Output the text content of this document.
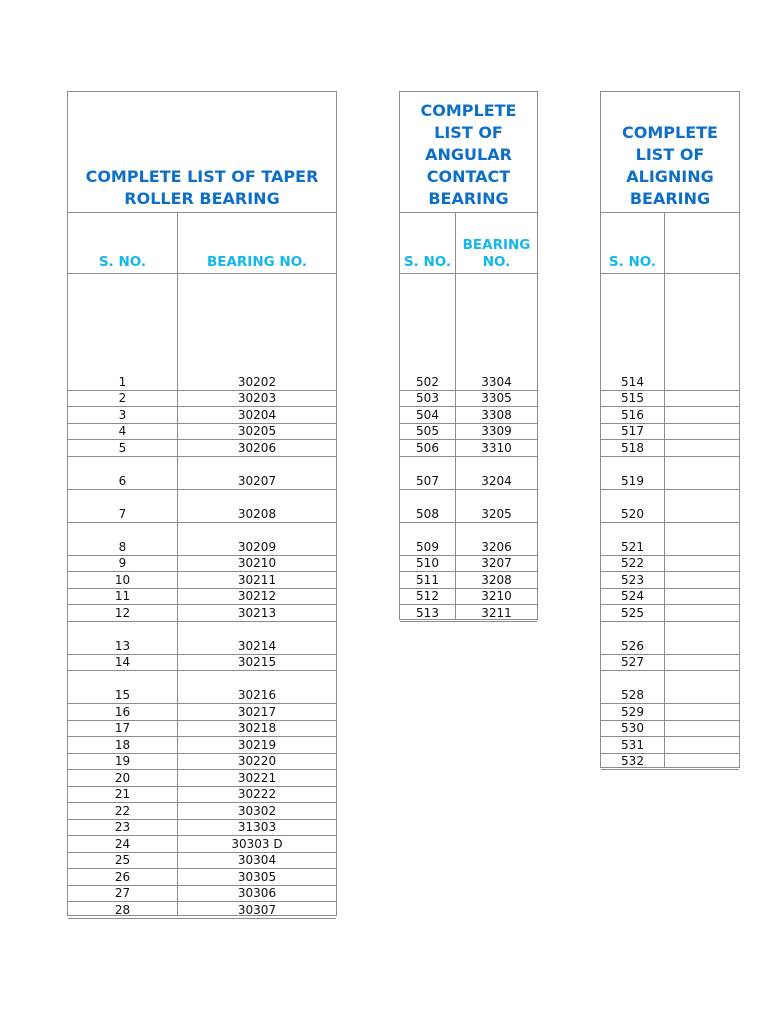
COMPLETE LIST OF TAPER
ROLLER BEARING
S. NO.	BEARING NO.
1	30202
2	30203
3	30204
4	30205
5	30206
6	30207
7	30208
8	30209
9	30210
10	30211
11	30212
12	30213
13	30214
14	30215
15	30216
16	30217
17	30218
18	30219
19	30220
20	30221
21	30222
22	30302
23	31303
24	30303 D
25	30304
26	30305
27	30306
28	30307
COMPLETE
LIST OF
ANGULAR
CONTACT
BEARING
S. NO.
BEARING
NO.
502	3304
503	3305
504	3308
505	3309
506	3310
507	3204
508	3205
509	3206
510	3207
511	3208
512	3210
513	3211
COMPLETE
LIST OF
ALIGNING
BEARING
S. NO.
514
515
516
517
518
519
520
521
522
523
524
525
526
527
528
529
530
531
532
